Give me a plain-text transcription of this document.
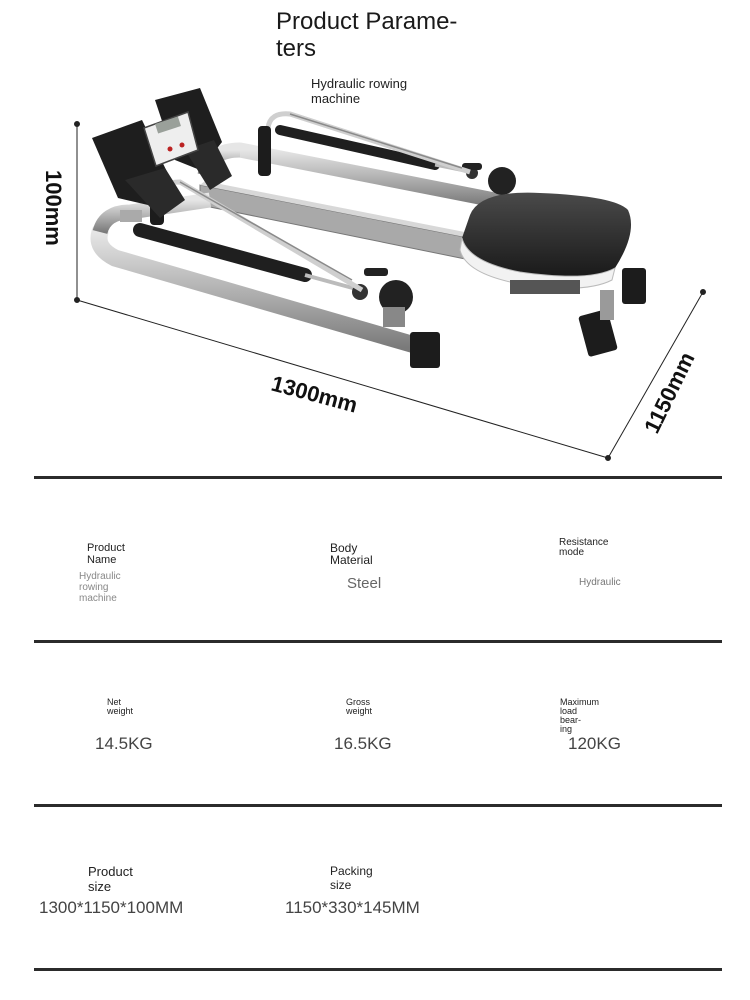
Product Parame-
ters
Hydraulic rowing
machine
100mm
1300mm	1150mm
Product Name
Hydraulic rowing
machine
Body Material
Steel
Resistance
mode
Hydraulic
Net
weight
14.5KG
Gross
weight
16.5KG
Maximum load bear-
ing
120KG
Product size
1300*1150*100MM
Packing size
1150*330*145MM
